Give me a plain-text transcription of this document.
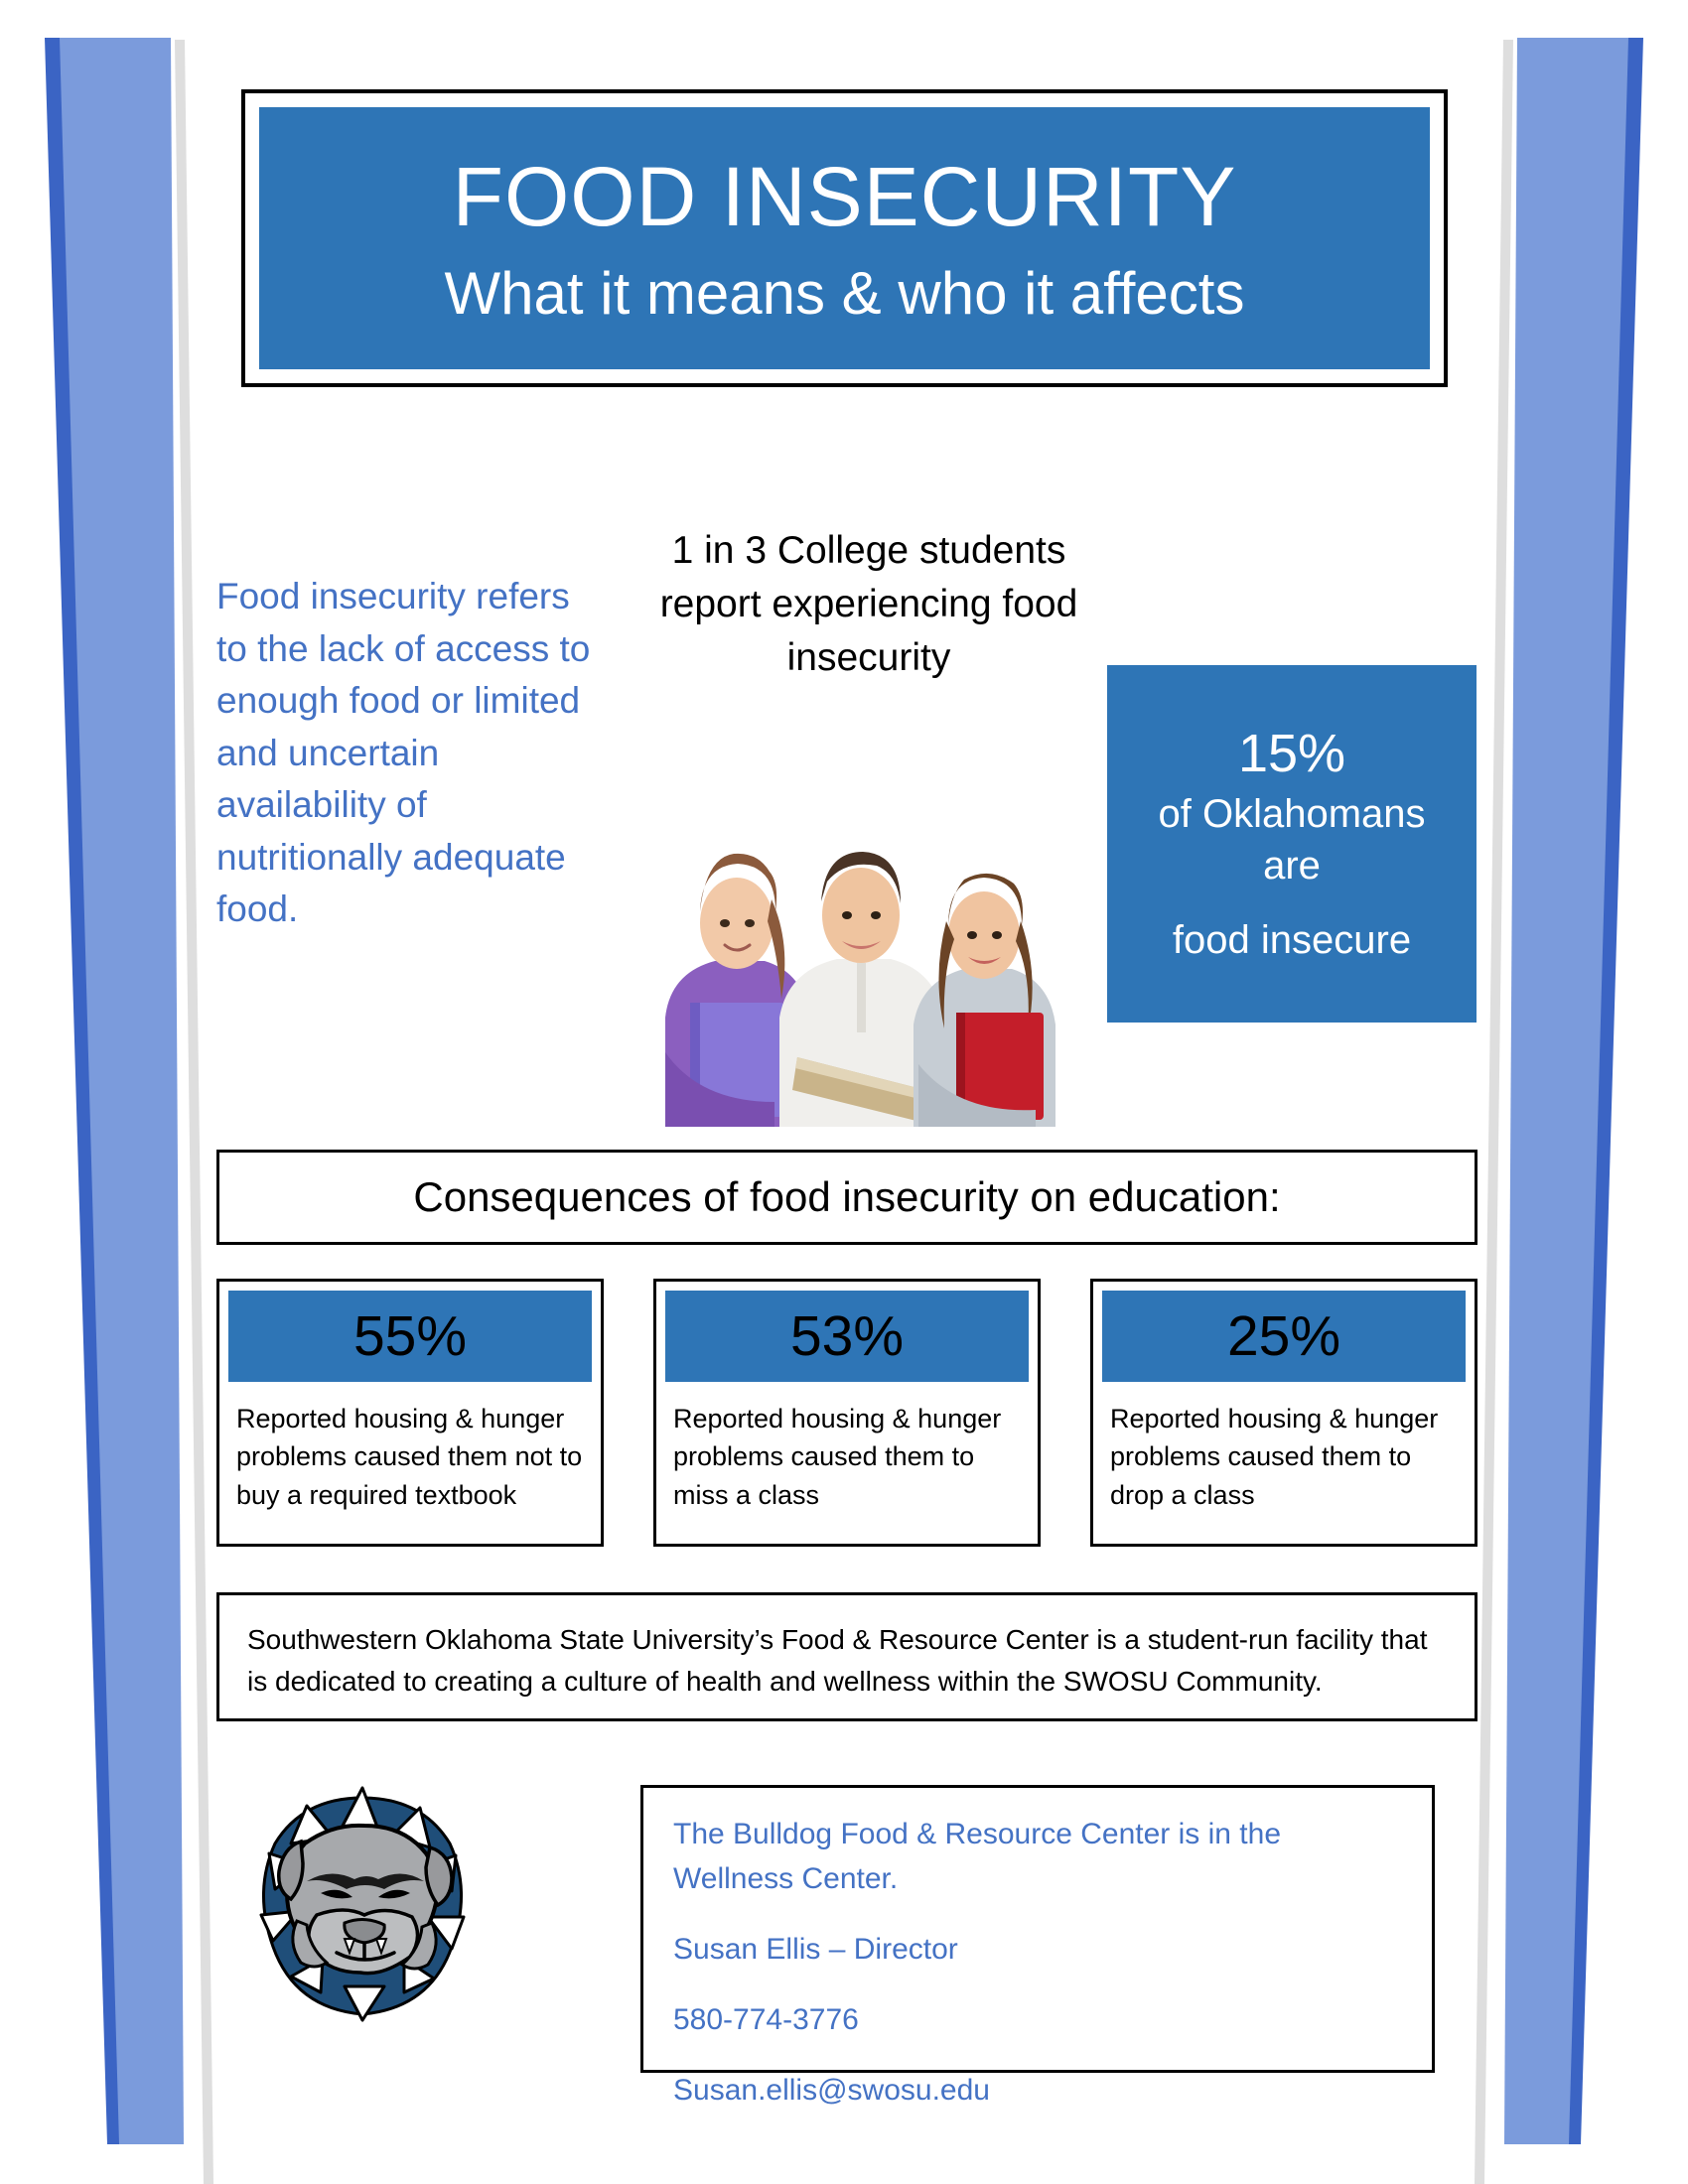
FOOD INSECURITY
What it means & who it affects
Food insecurity refers to the lack of access to enough food or limited and uncertain availability of nutritionally adequate food.
1 in 3 College students report experiencing food insecurity
15%
of Oklahomans
are
food insecure
Consequences of food insecurity on education:
55%
Reported housing & hunger problems caused them not to buy a required textbook
53%
Reported housing & hunger problems caused them to miss a class
25%
Reported housing & hunger problems caused them to drop a class
Southwestern Oklahoma State University’s Food & Resource Center is a student-run facility that is dedicated to creating a culture of health and wellness within the SWOSU Community.

The Bulldog Food & Resource Center is in the Wellness Center.

Susan Ellis – Director

580-774-3776

Susan.ellis@swosu.edu
